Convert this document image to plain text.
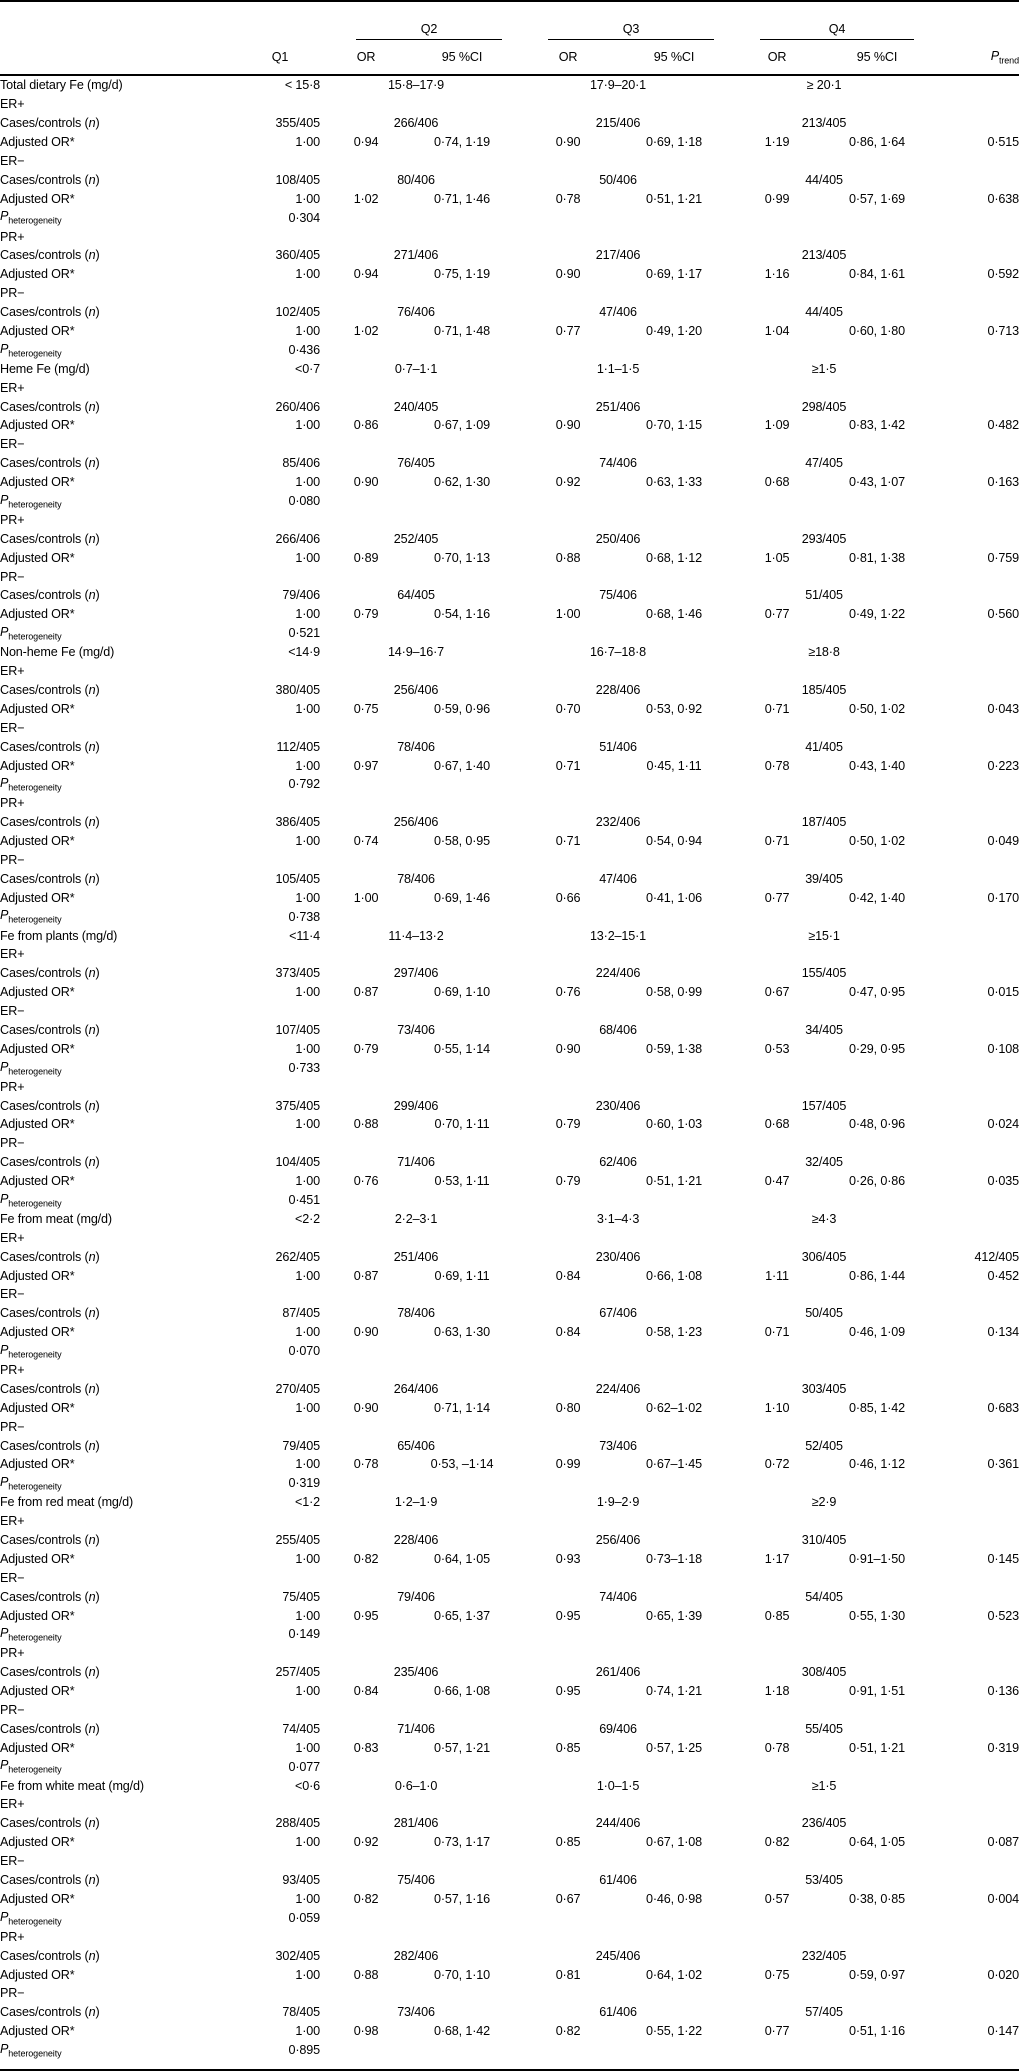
		Q2		Q3		Q4		

	Q1	OR	95 %CI	OR	95 %CI	OR	95 %CI	$P_{trend}$
Total dietary Fe (mg/d)	< 15·8	15·8–17·9		17·9–20·1		≥ 20·1		
ER+								
Cases/controls (n)	355/405	266/406		215/406		213/405		
Adjusted OR*	1·00	0·94	0·74, 1·19	0·90	0·69, 1·18	1·19	0·86, 1·64	0·515
ER−								
Cases/controls (n)	108/405	80/406		50/406		44/405		
Adjusted OR*	1·00	1·02	0·71, 1·46	0·78	0·51, 1·21	0·99	0·57, 1·69	0·638
$P_{heterogeneity}$	0·304							
PR+								
Cases/controls (n)	360/405	271/406		217/406		213/405		
Adjusted OR*	1·00	0·94	0·75, 1·19	0·90	0·69, 1·17	1·16	0·84, 1·61	0·592
PR−								
Cases/controls (n)	102/405	76/406		47/406		44/405		
Adjusted OR*	1·00	1·02	0·71, 1·48	0·77	0·49, 1·20	1·04	0·60, 1·80	0·713
$P_{heterogeneity}$	0·436							
Heme Fe (mg/d)	<0·7	0·7–1·1		1·1–1·5		≥1·5		
ER+								
Cases/controls (n)	260/406	240/405		251/406		298/405		
Adjusted OR*	1·00	0·86	0·67, 1·09	0·90	0·70, 1·15	1·09	0·83, 1·42	0·482
ER−								
Cases/controls (n)	85/406	76/405		74/406		47/405		
Adjusted OR*	1·00	0·90	0·62, 1·30	0·92	0·63, 1·33	0·68	0·43, 1·07	0·163
$P_{heterogeneity}$	0·080							
PR+								
Cases/controls (n)	266/406	252/405		250/406		293/405		
Adjusted OR*	1·00	0·89	0·70, 1·13	0·88	0·68, 1·12	1·05	0·81, 1·38	0·759
PR−								
Cases/controls (n)	79/406	64/405		75/406		51/405		
Adjusted OR*	1·00	0·79	0·54, 1·16	1·00	0·68, 1·46	0·77	0·49, 1·22	0·560
$P_{heterogeneity}$	0·521							
Non-heme Fe (mg/d)	<14·9	14·9–16·7		16·7–18·8		≥18·8		
ER+								
Cases/controls (n)	380/405	256/406		228/406		185/405		
Adjusted OR*	1·00	0·75	0·59, 0·96	0·70	0·53, 0·92	0·71	0·50, 1·02	0·043
ER−								
Cases/controls (n)	112/405	78/406		51/406		41/405		
Adjusted OR*	1·00	0·97	0·67, 1·40	0·71	0·45, 1·11	0·78	0·43, 1·40	0·223
$P_{heterogeneity}$	0·792							
PR+								
Cases/controls (n)	386/405	256/406		232/406		187/405		
Adjusted OR*	1·00	0·74	0·58, 0·95	0·71	0·54, 0·94	0·71	0·50, 1·02	0·049
PR−								
Cases/controls (n)	105/405	78/406		47/406		39/405		
Adjusted OR*	1·00	1·00	0·69, 1·46	0·66	0·41, 1·06	0·77	0·42, 1·40	0·170
$P_{heterogeneity}$	0·738							
Fe from plants (mg/d)	<11·4	11·4–13·2		13·2–15·1		≥15·1		
ER+								
Cases/controls (n)	373/405	297/406		224/406		155/405		
Adjusted OR*	1·00	0·87	0·69, 1·10	0·76	0·58, 0·99	0·67	0·47, 0·95	0·015
ER−								
Cases/controls (n)	107/405	73/406		68/406		34/405		
Adjusted OR*	1·00	0·79	0·55, 1·14	0·90	0·59, 1·38	0·53	0·29, 0·95	0·108
$P_{heterogeneity}$	0·733							
PR+								
Cases/controls (n)	375/405	299/406		230/406		157/405		
Adjusted OR*	1·00	0·88	0·70, 1·11	0·79	0·60, 1·03	0·68	0·48, 0·96	0·024
PR−								
Cases/controls (n)	104/405	71/406		62/406		32/405		
Adjusted OR*	1·00	0·76	0·53, 1·11	0·79	0·51, 1·21	0·47	0·26, 0·86	0·035
$P_{heterogeneity}$	0·451							
Fe from meat (mg/d)	<2·2	2·2–3·1		3·1–4·3		≥4·3		
ER+								
Cases/controls (n)	262/405	251/406		230/406		306/405		412/405
Adjusted OR*	1·00	0·87	0·69, 1·11	0·84	0·66, 1·08	1·11	0·86, 1·44	0·452
ER−								
Cases/controls (n)	87/405	78/406		67/406		50/405		
Adjusted OR*	1·00	0·90	0·63, 1·30	0·84	0·58, 1·23	0·71	0·46, 1·09	0·134
$P_{heterogeneity}$	0·070							
PR+								
Cases/controls (n)	270/405	264/406		224/406		303/405		
Adjusted OR*	1·00	0·90	0·71, 1·14	0·80	0·62–1·02	1·10	0·85, 1·42	0·683
PR−								
Cases/controls (n)	79/405	65/406		73/406		52/405		
Adjusted OR*	1·00	0·78	0·53, –1·14	0·99	0·67–1·45	0·72	0·46, 1·12	0·361
$P_{heterogeneity}$	0·319							
Fe from red meat (mg/d)	<1·2	1·2–1·9		1·9–2·9		≥2·9		
ER+								
Cases/controls (n)	255/405	228/406		256/406		310/405		
Adjusted OR*	1·00	0·82	0·64, 1·05	0·93	0·73–1·18	1·17	0·91–1·50	0·145
ER−								
Cases/controls (n)	75/405	79/406		74/406		54/405		
Adjusted OR*	1·00	0·95	0·65, 1·37	0·95	0·65, 1·39	0·85	0·55, 1·30	0·523
$P_{heterogeneity}$	0·149							
PR+								
Cases/controls (n)	257/405	235/406		261/406		308/405		
Adjusted OR*	1·00	0·84	0·66, 1·08	0·95	0·74, 1·21	1·18	0·91, 1·51	0·136
PR−								
Cases/controls (n)	74/405	71/406		69/406		55/405		
Adjusted OR*	1·00	0·83	0·57, 1·21	0·85	0·57, 1·25	0·78	0·51, 1·21	0·319
$P_{heterogeneity}$	0·077							
Fe from white meat (mg/d)	<0·6	0·6–1·0		1·0–1·5		≥1·5		
ER+								
Cases/controls (n)	288/405	281/406		244/406		236/405		
Adjusted OR*	1·00	0·92	0·73, 1·17	0·85	0·67, 1·08	0·82	0·64, 1·05	0·087
ER−								
Cases/controls (n)	93/405	75/406		61/406		53/405		
Adjusted OR*	1·00	0·82	0·57, 1·16	0·67	0·46, 0·98	0·57	0·38, 0·85	0·004
$P_{heterogeneity}$	0·059							
PR+								
Cases/controls (n)	302/405	282/406		245/406		232/405		
Adjusted OR*	1·00	0·88	0·70, 1·10	0·81	0·64, 1·02	0·75	0·59, 0·97	0·020
PR−								
Cases/controls (n)	78/405	73/406		61/406		57/405		
Adjusted OR*	1·00	0·98	0·68, 1·42	0·82	0·55, 1·22	0·77	0·51, 1·16	0·147
$P_{heterogeneity}$	0·895							
